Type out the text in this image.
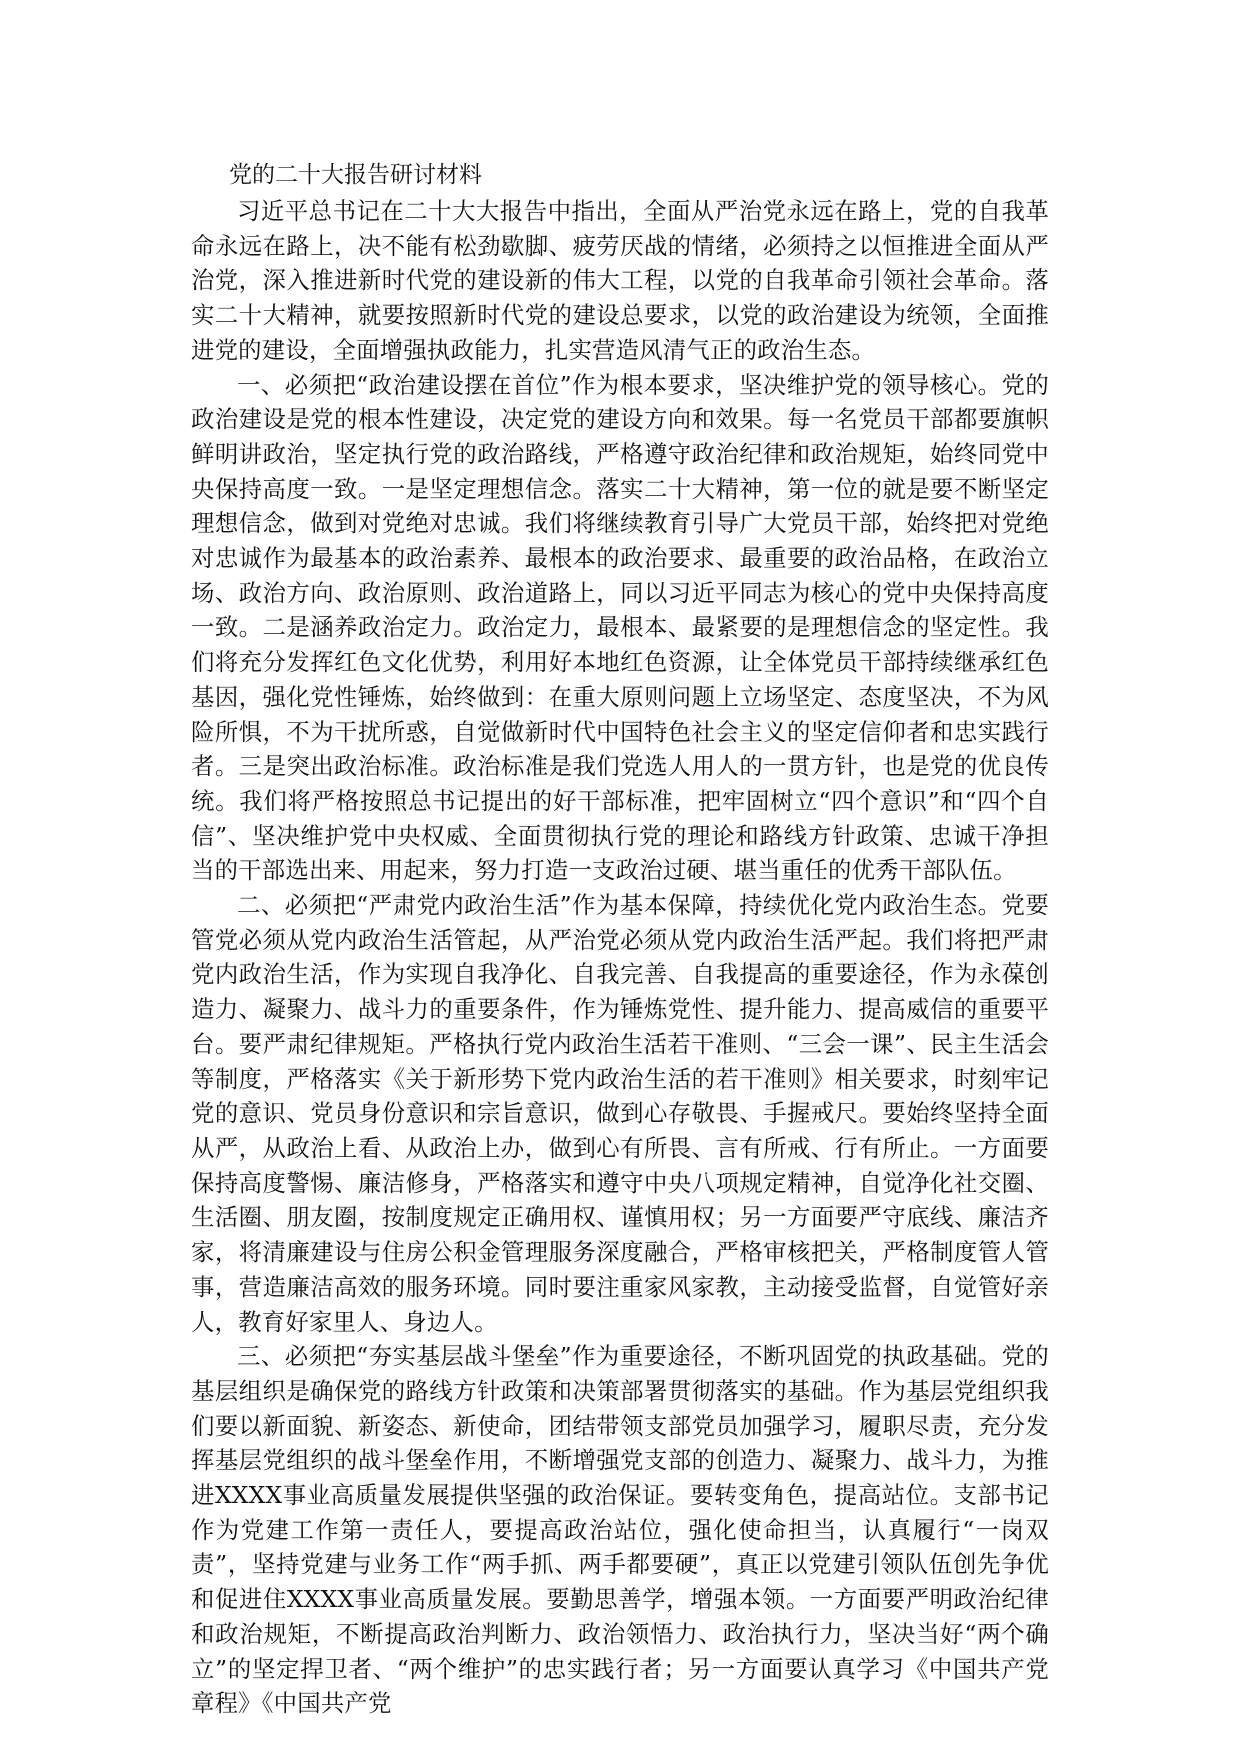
党的二十大报告研讨材料

习近平总书记在二十大大报告中指出，全面从严治党永远在路上，党的自我革命永远在路上，决不能有松劲歇脚、疲劳厌战的情绪，必须持之以恒推进全面从严治党，深入推进新时代党的建设新的伟大工程，以党的自我革命引领社会革命。落实二十大精神，就要按照新时代党的建设总要求，以党的政治建设为统领，全面推进党的建设，全面增强执政能力，扎实营造风清气正的政治生态。

一、必须把“政治建设摆在首位”作为根本要求，坚决维护党的领导核心。党的政治建设是党的根本性建设，决定党的建设方向和效果。每一名党员干部都要旗帜鲜明讲政治，坚定执行党的政治路线，严格遵守政治纪律和政治规矩，始终同党中央保持高度一致。一是坚定理想信念。落实二十大精神，第一位的就是要不断坚定理想信念，做到对党绝对忠诚。我们将继续教育引导广大党员干部，始终把对党绝对忠诚作为最基本的政治素养、最根本的政治要求、最重要的政治品格，在政治立场、政治方向、政治原则、政治道路上，同以习近平同志为核心的党中央保持高度一致。二是涵养政治定力。政治定力，最根本、最紧要的是理想信念的坚定性。我们将充分发挥红色文化优势，利用好本地红色资源，让全体党员干部持续继承红色基因，强化党性锤炼，始终做到：在重大原则问题上立场坚定、态度坚决，不为风险所惧，不为干扰所惑，自觉做新时代中国特色社会主义的坚定信仰者和忠实践行者。三是突出政治标准。政治标准是我们党选人用人的一贯方针，也是党的优良传统。我们将严格按照总书记提出的好干部标准，把牢固树立“四个意识”和“四个自信”、坚决维护党中央权威、全面贯彻执行党的理论和路线方针政策、忠诚干净担当的干部选出来、用起来，努力打造一支政治过硬、堪当重任的优秀干部队伍。

二、必须把“严肃党内政治生活”作为基本保障，持续优化党内政治生态。党要管党必须从党内政治生活管起，从严治党必须从党内政治生活严起。我们将把严肃党内政治生活，作为实现自我净化、自我完善、自我提高的重要途径，作为永葆创造力、凝聚力、战斗力的重要条件，作为锤炼党性、提升能力、提高威信的重要平台。要严肃纪律规矩。严格执行党内政治生活若干准则、“三会一课”、民主生活会等制度，严格落实《关于新形势下党内政治生活的若干准则》相关要求，时刻牢记党的意识、党员身份意识和宗旨意识，做到心存敬畏、手握戒尺。要始终坚持全面从严，从政治上看、从政治上办，做到心有所畏、言有所戒、行有所止。一方面要保持高度警惕、廉洁修身，严格落实和遵守中央八项规定精神，自觉净化社交圈、生活圈、朋友圈，按制度规定正确用权、谨慎用权；另一方面要严守底线、廉洁齐家，将清廉建设与住房公积金管理服务深度融合，严格审核把关，严格制度管人管事，营造廉洁高效的服务环境。同时要注重家风家教，主动接受监督，自觉管好亲人，教育好家里人、身边人。

三、必须把“夯实基层战斗堡垒”作为重要途径，不断巩固党的执政基础。党的基层组织是确保党的路线方针政策和决策部署贯彻落实的基础。作为基层党组织我们要以新面貌、新姿态、新使命，团结带领支部党员加强学习，履职尽责，充分发挥基层党组织的战斗堡垒作用，不断增强党支部的创造力、凝聚力、战斗力，为推进XXXX事业高质量发展提供坚强的政治保证。要转变角色，提高站位。支部书记作为党建工作第一责任人，要提高政治站位，强化使命担当，认真履行“一岗双责”，坚持党建与业务工作“两手抓、两手都要硬”，真正以党建引领队伍创先争优和促进住XXXX事业高质量发展。要勤思善学，增强本领。一方面要严明政治纪律和政治规矩，不断提高政治判断力、政治领悟力、政治执行力，坚决当好“两个确立”的坚定捍卫者、“两个维护”的忠实践行者；另一方面要认真学习《中国共产党章程》《中国共产党
